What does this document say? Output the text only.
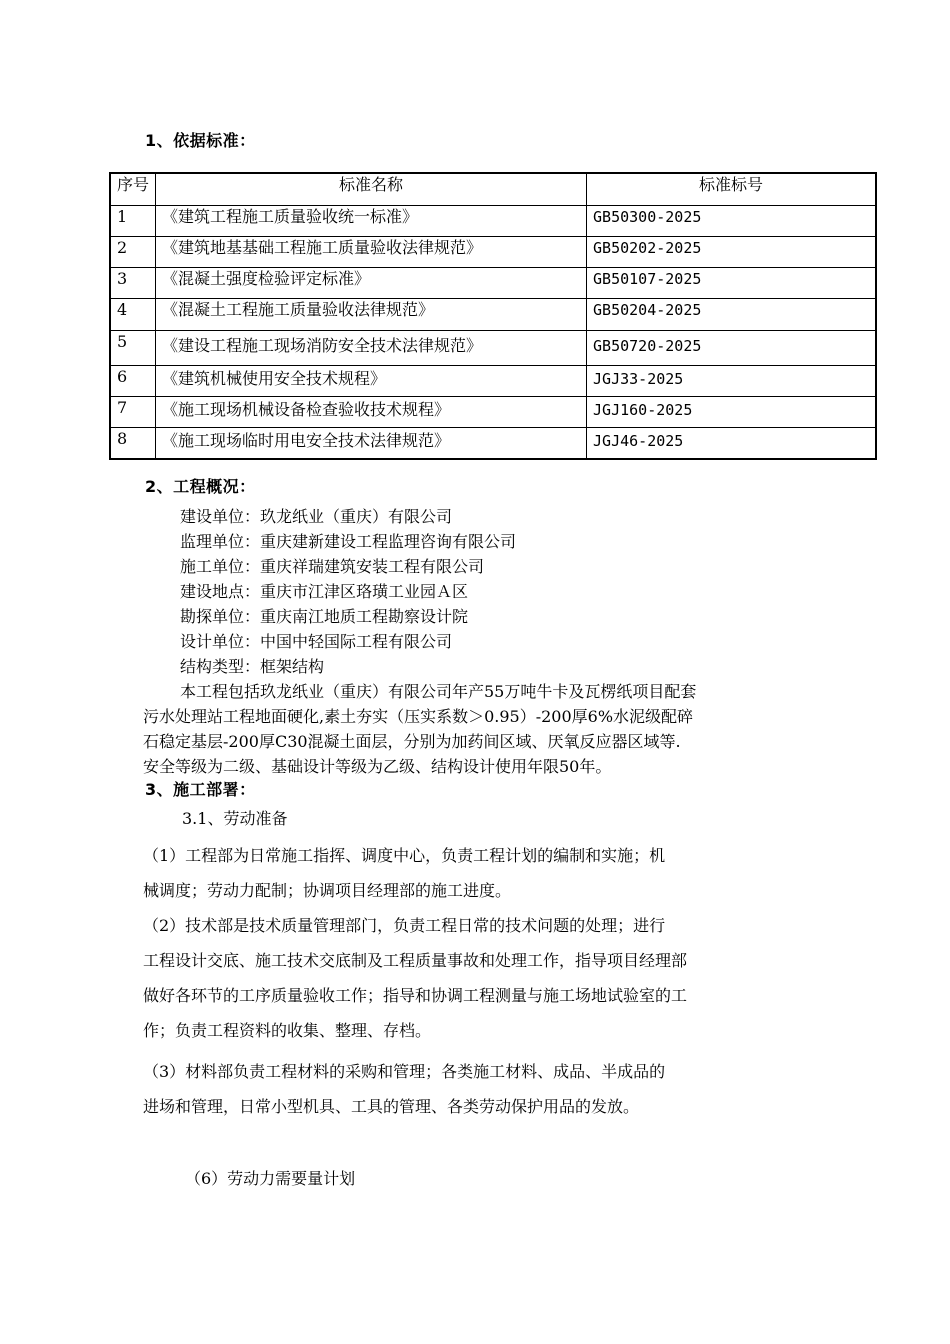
1、依据标准：
序号	标准名称	标准标号
1	《建筑工程施工质量验收统一标准》	GB50300-2025
2	《建筑地基基础工程施工质量验收法律规范》	GB50202-2025
3	《混凝土强度检验评定标准》	GB50107-2025
4	《混凝土工程施工质量验收法律规范》	GB50204-2025
5	《建设工程施工现场消防安全技术法律规范》	GB50720-2025
6	《建筑机械使用安全技术规程》	JGJ33-2025
7	《施工现场机械设备检查验收技术规程》	JGJ160-2025
8	《施工现场临时用电安全技术法律规范》	JGJ46-2025
2、工程概况：
建设单位：玖龙纸业（重庆）有限公司
监理单位：重庆建新建设工程监理咨询有限公司
施工单位：重庆祥瑞建筑安装工程有限公司
建设地点：重庆市江津区珞璜工业园Ａ区
勘探单位：重庆南江地质工程勘察设计院
设计单位：中国中轻国际工程有限公司
结构类型：框架结构
本工程包括玖龙纸业（重庆）有限公司年产55万吨牛卡及瓦楞纸项目配套
污水处理站工程地面硬化,素土夯实（压实系数＞0.95）-200厚6%水泥级配碎
石稳定基层-200厚C30混凝土面层，分别为加药间区域、厌氧反应器区域等.
安全等级为二级、基础设计等级为乙级、结构设计使用年限50年。
3、施工部署：
3.1、劳动准备
（1）工程部为日常施工指挥、调度中心，负责工程计划的编制和实施；机
械调度；劳动力配制；协调项目经理部的施工进度。
（2）技术部是技术质量管理部门，负责工程日常的技术问题的处理；进行
工程设计交底、施工技术交底制及工程质量事故和处理工作，指导项目经理部
做好各环节的工序质量验收工作；指导和协调工程测量与施工场地试验室的工
作；负责工程资料的收集、整理、存档。
（3）材料部负责工程材料的采购和管理；各类施工材料、成品、半成品的
进场和管理，日常小型机具、工具的管理、各类劳动保护用品的发放。
（6）劳动力需要量计划
